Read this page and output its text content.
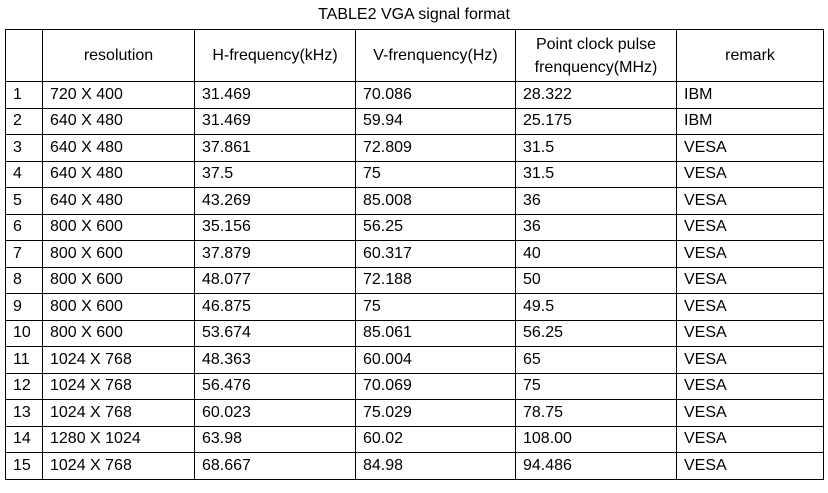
TABLE2 VGA signal format
	resolution	H-frequency(kHz)	V-frenquency(Hz)	Point clock pulse frenquency(MHz)	remark
1	720 X 400	31.469	70.086	28.322	IBM
2	640 X 480	31.469	59.94	25.175	IBM
3	640 X 480	37.861	72.809	31.5	VESA
4	640 X 480	37.5	75	31.5	VESA
5	640 X 480	43.269	85.008	36	VESA
6	800 X 600	35.156	56.25	36	VESA
7	800 X 600	37.879	60.317	40	VESA
8	800 X 600	48.077	72.188	50	VESA
9	800 X 600	46.875	75	49.5	VESA
10	800 X 600	53.674	85.061	56.25	VESA
11	1024 X 768	48.363	60.004	65	VESA
12	1024 X 768	56.476	70.069	75	VESA
13	1024 X 768	60.023	75.029	78.75	VESA
14	1280 X 1024	63.98	60.02	108.00	VESA
15	1024 X 768	68.667	84.98	94.486	VESA
